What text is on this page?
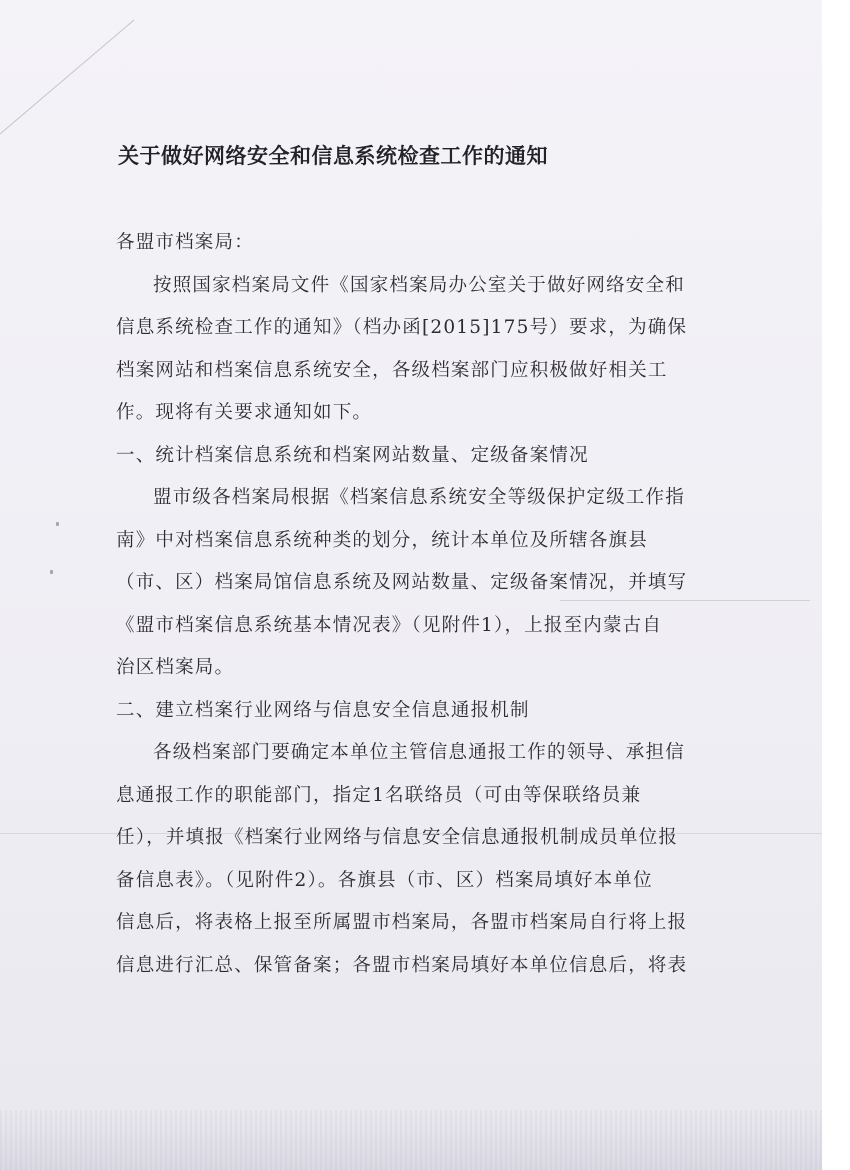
关于做好网络安全和信息系统检查工作的通知

各盟市档案局：

按照国家档案局文件《国家档案局办公室关于做好网络安全和

信息系统检查工作的通知》（档办函[2015]175号）要求，为确保

档案网站和档案信息系统安全，各级档案部门应积极做好相关工

作。现将有关要求通知如下。

一、统计档案信息系统和档案网站数量、定级备案情况

盟市级各档案局根据《档案信息系统安全等级保护定级工作指

南》中对档案信息系统种类的划分，统计本单位及所辖各旗县

（市、区）档案局馆信息系统及网站数量、定级备案情况，并填写

《盟市档案信息系统基本情况表》（见附件1），上报至内蒙古自

治区档案局。

二、建立档案行业网络与信息安全信息通报机制

各级档案部门要确定本单位主管信息通报工作的领导、承担信

息通报工作的职能部门，指定1名联络员（可由等保联络员兼

任），并填报《档案行业网络与信息安全信息通报机制成员单位报

备信息表》。（见附件2）。各旗县（市、区）档案局填好本单位

信息后，将表格上报至所属盟市档案局，各盟市档案局自行将上报

信息进行汇总、保管备案；各盟市档案局填好本单位信息后，将表
